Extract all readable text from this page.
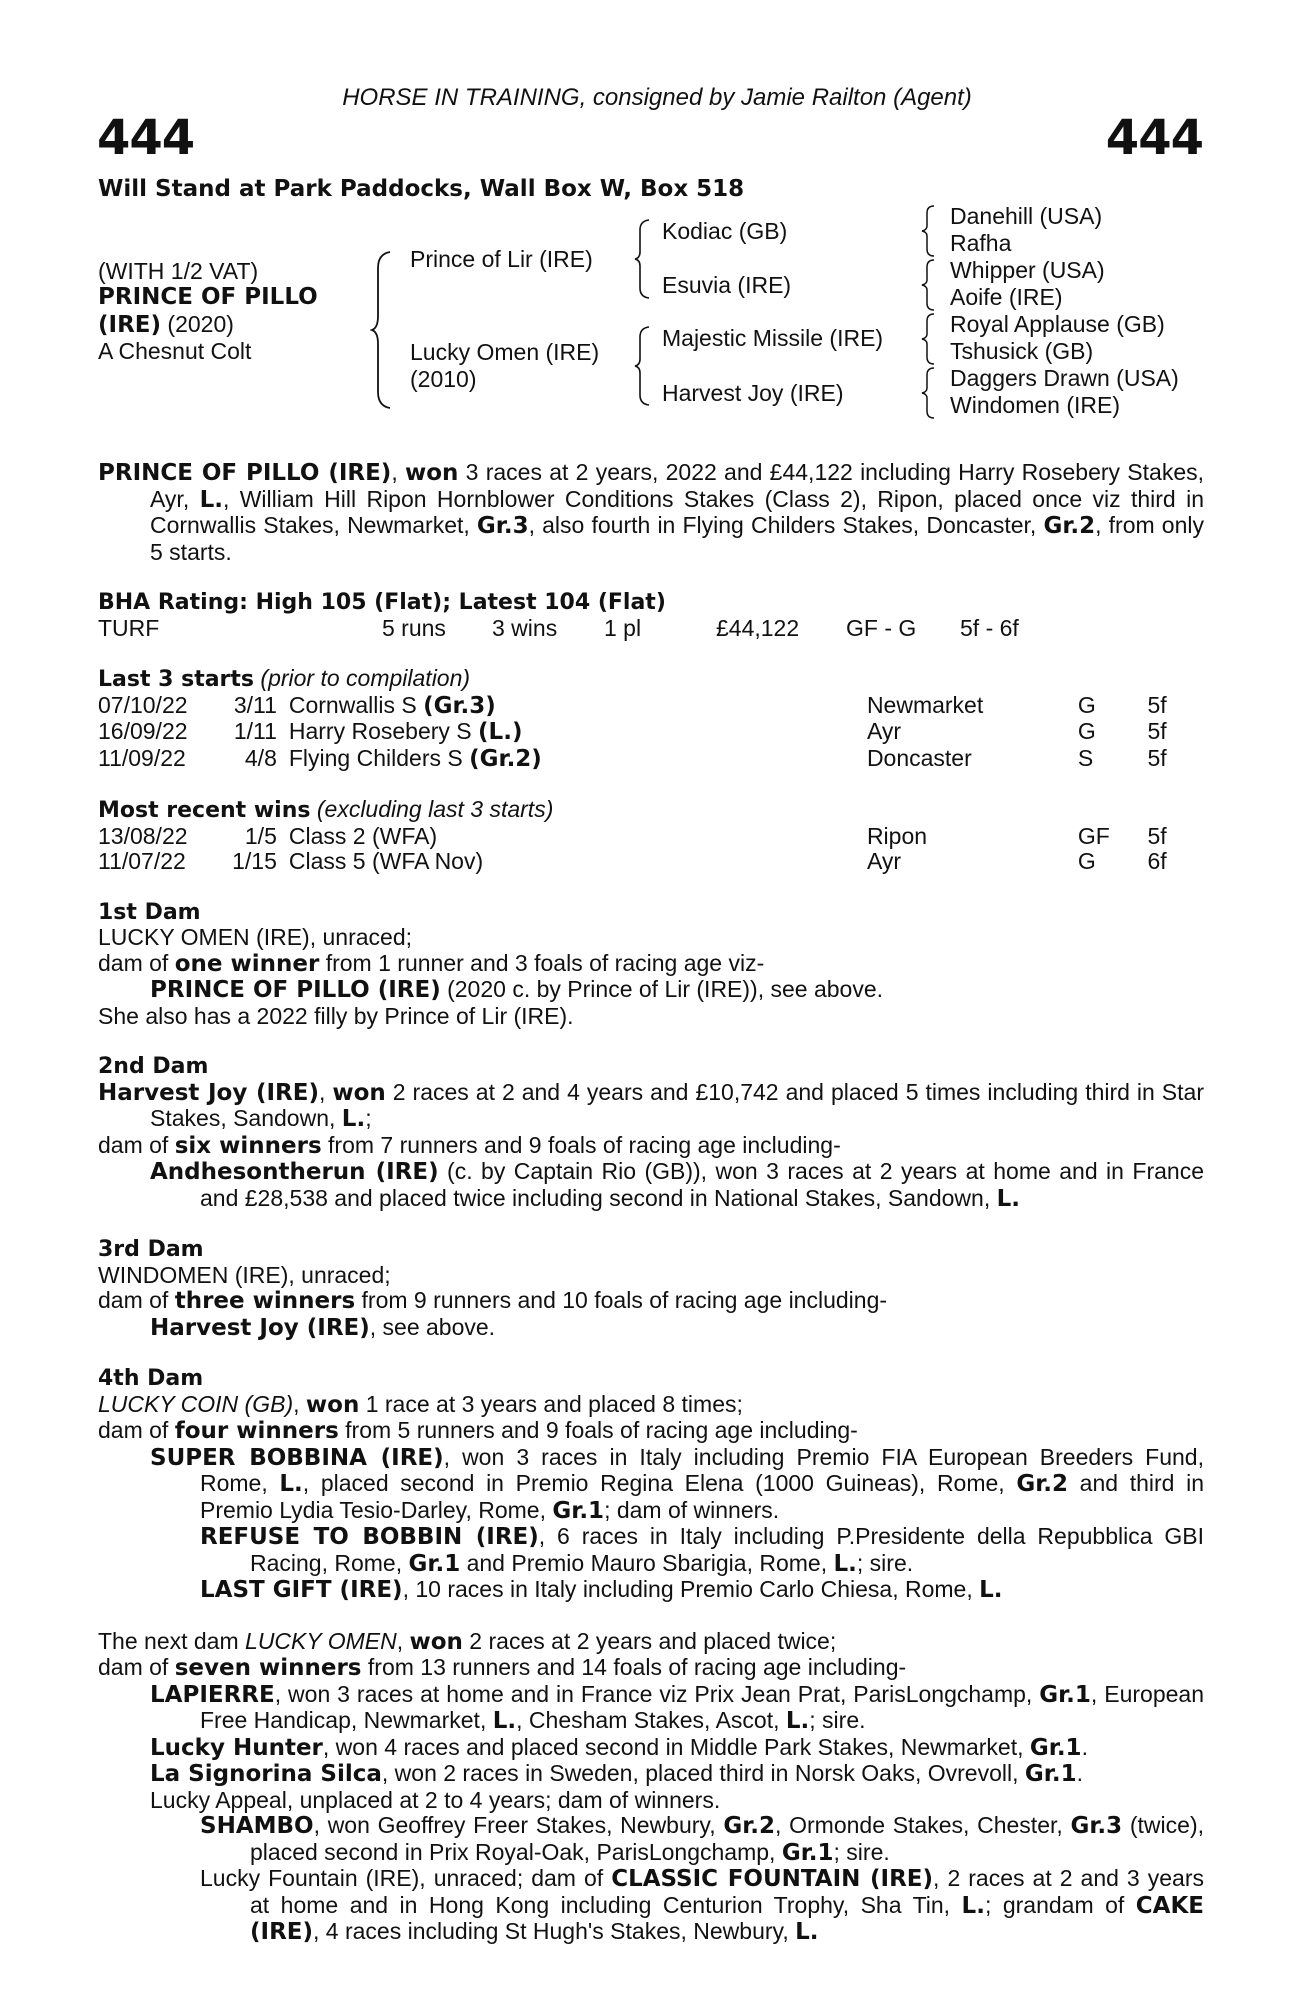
HORSE IN TRAINING, consigned by Jamie Railton (Agent)
444	444
Will Stand at Park Paddocks, Wall Box W, Box 518
(WITH 1/2 VAT)
PRINCE OF PILLO
(IRE) (2020)
A Chesnut Colt
Prince of Lir (IRE)
Lucky Omen (IRE)
(2010)
Kodiac (GB)
Esuvia (IRE)
Majestic Missile (IRE)
Harvest Joy (IRE)
Danehill (USA)
Rafha
Whipper (USA)
Aoife (IRE)
Royal Applause (GB)
Tshusick (GB)
Daggers Drawn (USA)
Windomen (IRE)

PRINCE OF PILLO (IRE), won 3 races at 2 years, 2022 and £44,122 including Harry Rosebery Stakes, Ayr, L., William Hill Ripon Hornblower Conditions Stakes (Class 2), Ripon, placed once viz third in Cornwallis Stakes, Newmarket, Gr.3, also fourth in Flying Childers Stakes, Doncaster, Gr.2, from only 5 starts.

BHA Rating: High 105 (Flat); Latest 104 (Flat)
TURF	5 runs	3 wins	1 pl	£44,122	GF - G	5f - 6f
Last 3 starts (prior to compilation)
07/10/22	3/11 Cornwallis S (Gr.3)	Newmarket	G	5f
16/09/22	1/11 Harry Rosebery S (L.)	Ayr	G	5f
11/09/22	4/8 Flying Childers S (Gr.2)	Doncaster	S	5f
Most recent wins (excluding last 3 starts)
13/08/22	1/5 Class 2 (WFA)	Ripon	GF	5f
11/07/22	1/15 Class 5 (WFA Nov)	Ayr	G	6f
1st Dam
LUCKY OMEN (IRE), unraced;
dam of one winner from 1 runner and 3 foals of racing age viz-
PRINCE OF PILLO (IRE) (2020 c. by Prince of Lir (IRE)), see above.
She also has a 2022 filly by Prince of Lir (IRE).
2nd Dam

Harvest Joy (IRE), won 2 races at 2 and 4 years and £10,742 and placed 5 times including third in Star Stakes, Sandown, L.;

dam of six winners from 7 runners and 9 foals of racing age including-

Andhesontherun (IRE) (c. by Captain Rio (GB)), won 3 races at 2 years at home and in France and £28,538 and placed twice including second in National Stakes, Sandown, L.

3rd Dam
WINDOMEN (IRE), unraced;
dam of three winners from 9 runners and 10 foals of racing age including-
Harvest Joy (IRE), see above.
4th Dam
LUCKY COIN (GB), won 1 race at 3 years and placed 8 times;
dam of four winners from 5 runners and 9 foals of racing age including-

SUPER BOBBINA (IRE), won 3 races in Italy including Premio FIA European Breeders Fund, Rome, L., placed second in Premio Regina Elena (1000 Guineas), Rome, Gr.2 and third in Premio Lydia Tesio-Darley, Rome, Gr.1; dam of winners.

REFUSE TO BOBBIN (IRE), 6 races in Italy including P.Presidente della Repubblica GBI Racing, Rome, Gr.1 and Premio Mauro Sbarigia, Rome, L.; sire.

LAST GIFT (IRE), 10 races in Italy including Premio Carlo Chiesa, Rome, L.

The next dam LUCKY OMEN, won 2 races at 2 years and placed twice;
dam of seven winners from 13 runners and 14 foals of racing age including-

LAPIERRE, won 3 races at home and in France viz Prix Jean Prat, ParisLongchamp, Gr.1, European Free Handicap, Newmarket, L., Chesham Stakes, Ascot, L.; sire.

Lucky Hunter, won 4 races and placed second in Middle Park Stakes, Newmarket, Gr.1.

La Signorina Silca, won 2 races in Sweden, placed third in Norsk Oaks, Ovrevoll, Gr.1.

Lucky Appeal, unplaced at 2 to 4 years; dam of winners.

SHAMBO, won Geoffrey Freer Stakes, Newbury, Gr.2, Ormonde Stakes, Chester, Gr.3 (twice), placed second in Prix Royal-Oak, ParisLongchamp, Gr.1; sire.

Lucky Fountain (IRE), unraced; dam of CLASSIC FOUNTAIN (IRE), 2 races at 2 and 3 years at home and in Hong Kong including Centurion Trophy, Sha Tin, L.; grandam of CAKE (IRE), 4 races including St Hugh's Stakes, Newbury, L.
